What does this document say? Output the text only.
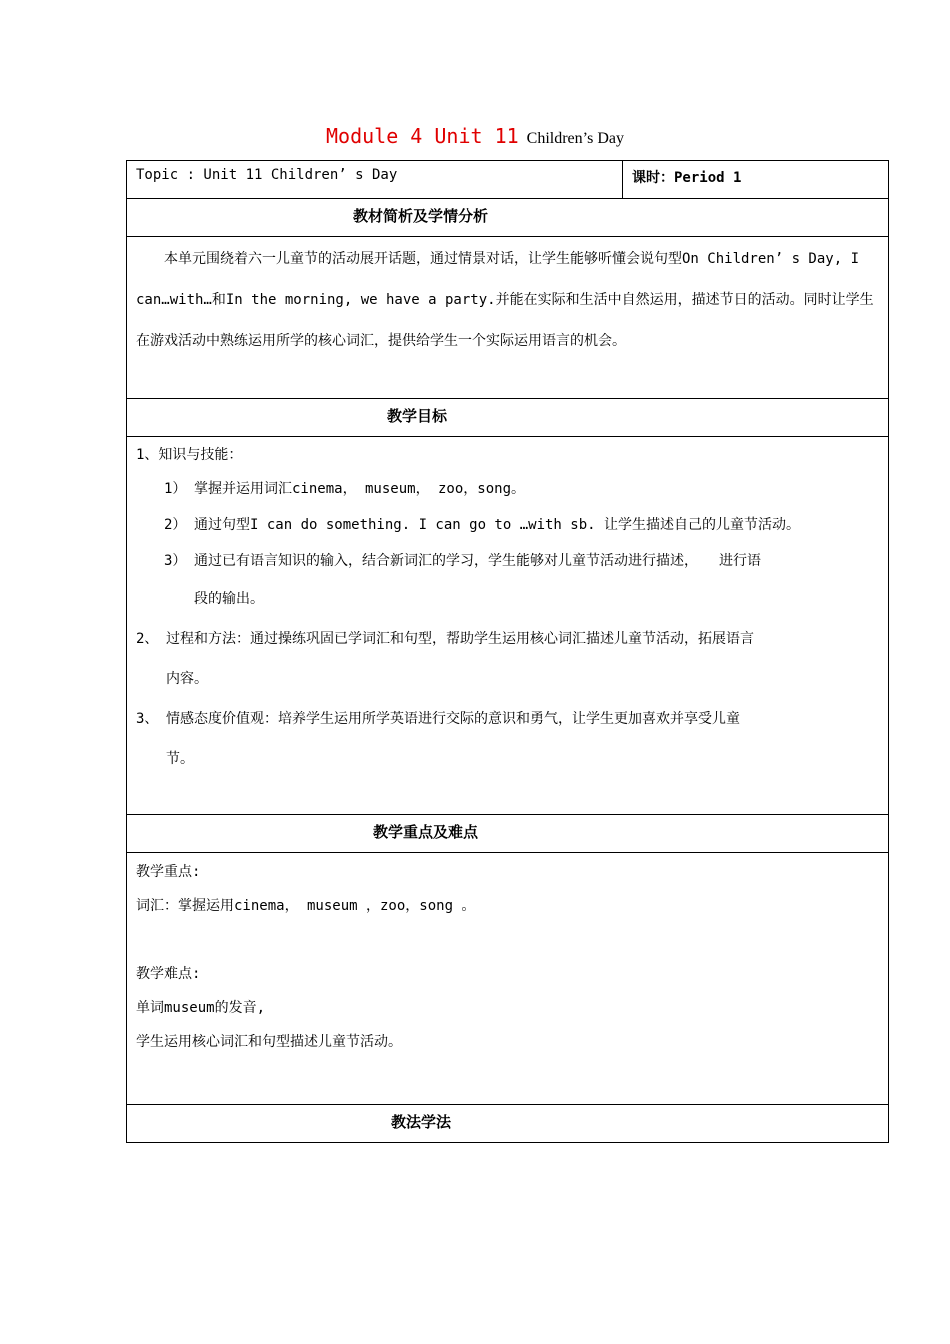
Module 4 Unit 11 Children’s Day
Topic : Unit 11 Children’ s Day	课时：Period 1
教材简析及学情分析

本单元围绕着六一儿童节的活动展开话题，通过情景对话，让学生能够听懂会说句型On Children’ s Day, I can…with…和In the morning, we have a party.并能在实际和生活中自然运用，描述节日的活动。同时让学生在游戏活动中熟练运用所学的核心词汇，提供给学生一个实际运用语言的机会。

教学目标

1、知识与技能：
1） 掌握并运用词汇cinema， museum， zoo，song。
2） 通过句型I can do something. I can go to …with sb. 让学生描述自己的儿童节活动。
3） 通过已有语言知识的输入，结合新词汇的学习，学生能够对儿童节活动进行描述，　　进行语
段的输出。
2、 过程和方法：通过操练巩固已学词汇和句型，帮助学生运用核心词汇描述儿童节活动，拓展语言
内容。
3、 情感态度价值观：培养学生运用所学英语进行交际的意识和勇气，让学生更加喜欢并享受儿童
节。

教学重点及难点

教学重点:
词汇：掌握运用cinema， museum ，zoo，song 。
教学难点:
单词museum的发音,
学生运用核心词汇和句型描述儿童节活动。

教法学法
